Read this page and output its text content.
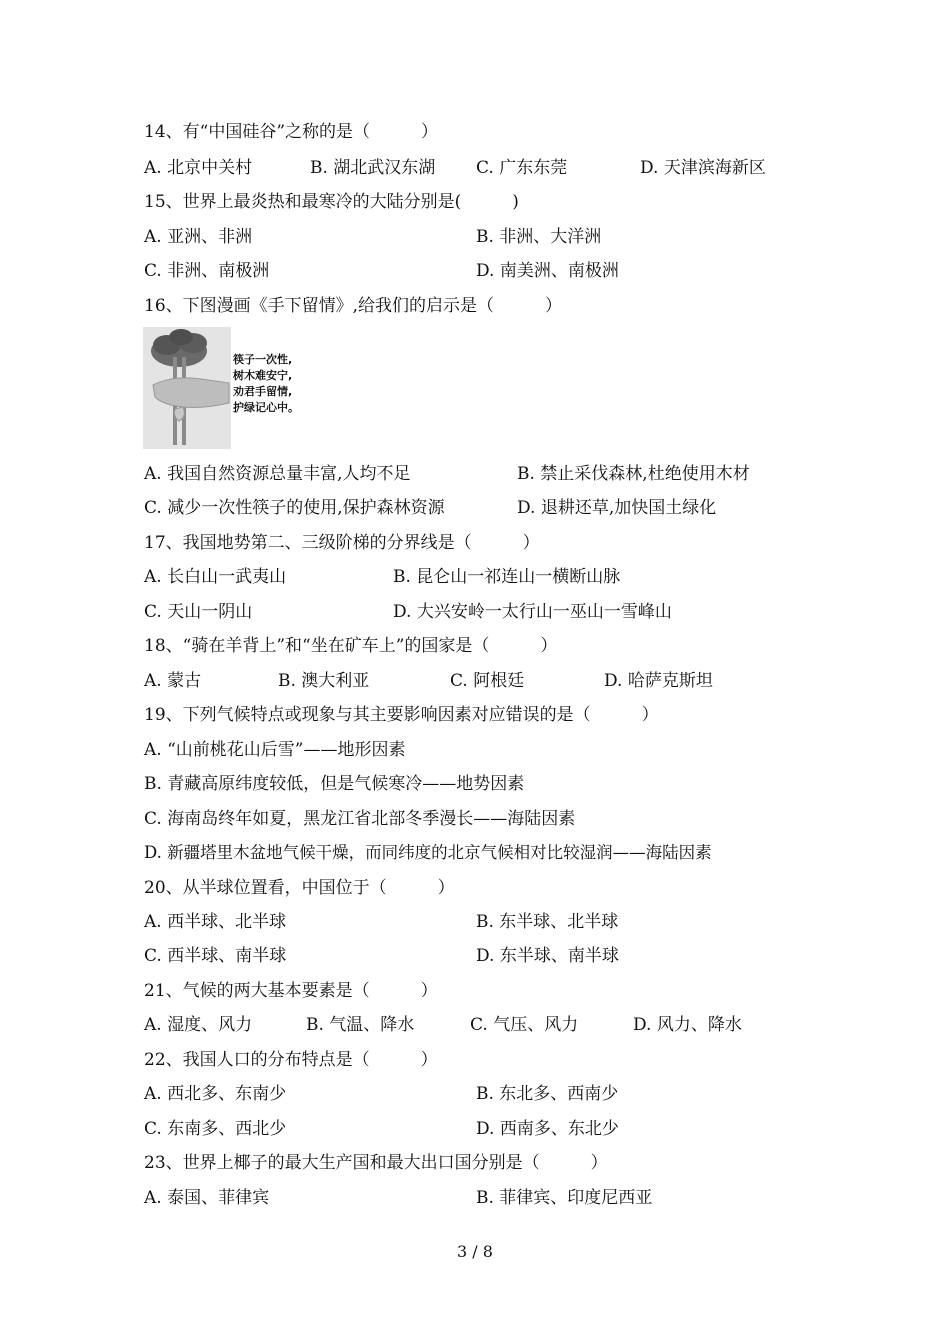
14、有“中国硅谷”之称的是（　　　）
A. 北京中关村	B. 湖北武汉东湖 C. 广东东莞	D. 天津滨海新区
15、世界上最炎热和最寒冷的大陆分别是(　　　)
A. 亚洲、非洲	B. 非洲、大洋洲
C. 非洲、南极洲	D. 南美洲、南极洲
16、下图漫画《手下留情》,给我们的启示是（　　　）
筷子一次性,
树木难安宁,
劝君手留情,
护绿记心中。
A. 我国自然资源总量丰富,人均不足	B. 禁止采伐森林,杜绝使用木材
C. 减少一次性筷子的使用,保护森林资源	D. 退耕还草,加快国土绿化
17、我国地势第二、三级阶梯的分界线是（　　　）
A. 长白山一武夷山	B. 昆仑山一祁连山一横断山脉
C. 天山一阴山	D. 大兴安岭一太行山一巫山一雪峰山
18、“骑在羊背上”和“坐在矿车上”的国家是（　　　）
A. 蒙古	B. 澳大利亚	C. 阿根廷	D. 哈萨克斯坦
19、下列气候特点或现象与其主要影响因素对应错误的是（　　　）
A. “山前桃花山后雪”——地形因素
B. 青藏高原纬度较低，但是气候寒冷——地势因素
C. 海南岛终年如夏，黑龙江省北部冬季漫长——海陆因素
D. 新疆塔里木盆地气候干燥，而同纬度的北京气候相对比较湿润——海陆因素
20、从半球位置看，中国位于（　　　）
A. 西半球、北半球	B. 东半球、北半球
C. 西半球、南半球	D. 东半球、南半球
21、气候的两大基本要素是（　　　）
A. 湿度、风力	B. 气温、降水	C. 气压、风力	D. 风力、降水
22、我国人口的分布特点是（　　　）
A. 西北多、东南少	B. 东北多、西南少
C. 东南多、西北少	D. 西南多、东北少
23、世界上椰子的最大生产国和最大出口国分别是（　　　）
A. 泰国、菲律宾	B. 菲律宾、印度尼西亚
3 / 8
